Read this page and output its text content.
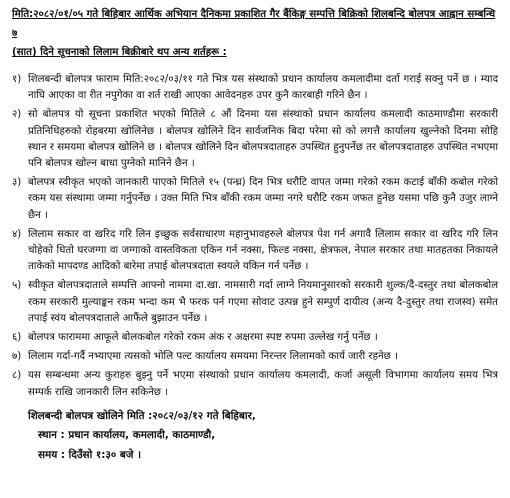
मिति:२०८२/०१/०५ गते बिहिबार आर्थिक अभियान दैनिकमा प्रकाशित गैर बैंकिङ्ग सम्पत्ति बिक्रिको शिलबन्दि बोलपत्र आह्वान सम्बन्धि ७
(सात) दिने सूचनाको लिलाम बिक्रीबारे थप अन्य शर्तहरू :
१) शिलबन्दी बोलपत्र फाराम मिति:२०८२/०३/११ गते भित्र यस संस्थाको प्रधान कार्यालय कमलादीमा दर्ता गराई सक्नु पर्ने छ । म्याद नाघि आएका वा रीत नपुगेका वा शर्त राखी आएका आवेदनहरु उपर कुनै कारबाही गरिने छैन ।
२) सो बोलपत्र यो सूचना प्रकाशित भएको मितिले ८ औं दिनमा यस संस्थाको प्रधान कार्यालय कमलादी काठमाण्डौमा सरकारी प्रतिनिधिहरुको रोहबरमा खोलिनेछ । बोलपत्र खोलिने दिन सार्वजनिक बिदा परेमा सो को लगत्तै कार्यालय खुल्नेको दिनमा सोहि स्थान र समयमा बोलपत्र खोलिने छ । बोलपत्र खोलिने दिन बोलपत्रदाताहरु उपस्थित हुनुपर्नेछ तर बोलपत्रदाताहरु उपस्थित नभएमा पनि बोलपत्र खोल्न बाधा पुग्नेको मानिने छैन ।
३) बोलपत्र स्वीकृत भएको जानकारी पाएको मितिले १५ (पन्ध्र) दिन भित्र धरौटि वापत जम्मा गरेको रकम कटाई बाँकी कबोल गरेको रकम यस संस्थामा जम्मा गर्नुपर्नेछ । उक्त मिति भित्र बाँकी रकम जम्मा नगरे धरौटि रकम जफत हुनेछ यसमा पछि कुनै उजुर लाग्ने छैन ।
४) लिलाम सकार वा खरिद गरि लिन इच्छुक सर्वसाधारण महानुभावहरुले बोलपत्र पेश गर्न अगावै लिलाम सकार वा खरिद गरि लिन चोहेको धितो घरजग्गा वा जग्गाको वास्तविकता एकिन गर्न नक्सा, फिल्ड नक्सा, क्षेत्रफल, नेपाल सरकार तथा मातहतका निकायले ताकेको मापदण्ड आदिको बारेमा तपाई बोलपत्रदाता स्वयले यकिन गर्न पर्नेछ ।
५) स्वीकृत बोलपत्रदाताले सम्पत्ति आफ्नो नाममा दा.खा. नामसारी गर्दा लाग्ने नियमानुसारको सरकारी शुल्क/दै-दस्तुर तथा बोलकबोल रकम सरकारी मुल्याङ्कन रकम भन्दा कम भै फरक पर्न गएमा सोवाट उत्पन्न हुने सम्पुर्ण दायीत्व (अन्य दै-दुस्तुर तथा राजस्व) समेत तपाई स्वंय बोलपत्रदाताले आफैंले बुझाउन पर्नेछ ।
६) बोलपत्र फाराममा आफूले बोलकबोल गरेको रकम अंक र अक्षरमा स्पष्ट रुपमा उल्लेख गर्नु पर्नेछ ।
७) लिलाम गर्दा-गर्दै नभ्याएमा त्यसको भोलि पल्ट कार्यालय समयमा निरन्तर लिलामको कार्य जारी रहनेछ ।
८) यस सम्बन्धमा अन्य कुराहरु बुझ्नु पर्ने भएमा संस्थाको प्रधान कार्यालय कमलादी, कर्जा असूली विभागमा कार्यालय समय भित्र सम्पर्क राखि जानकारी लिन सकिनेछ ।
शिलबन्दी बोलपत्र खोलिने मिति :२०८२/०३/१२ गते बिहिबार,
स्थान : प्रधान कार्यालय, कमलादी, काठमाण्डौ,
समय : दिउँसो १:३० बजे ।
